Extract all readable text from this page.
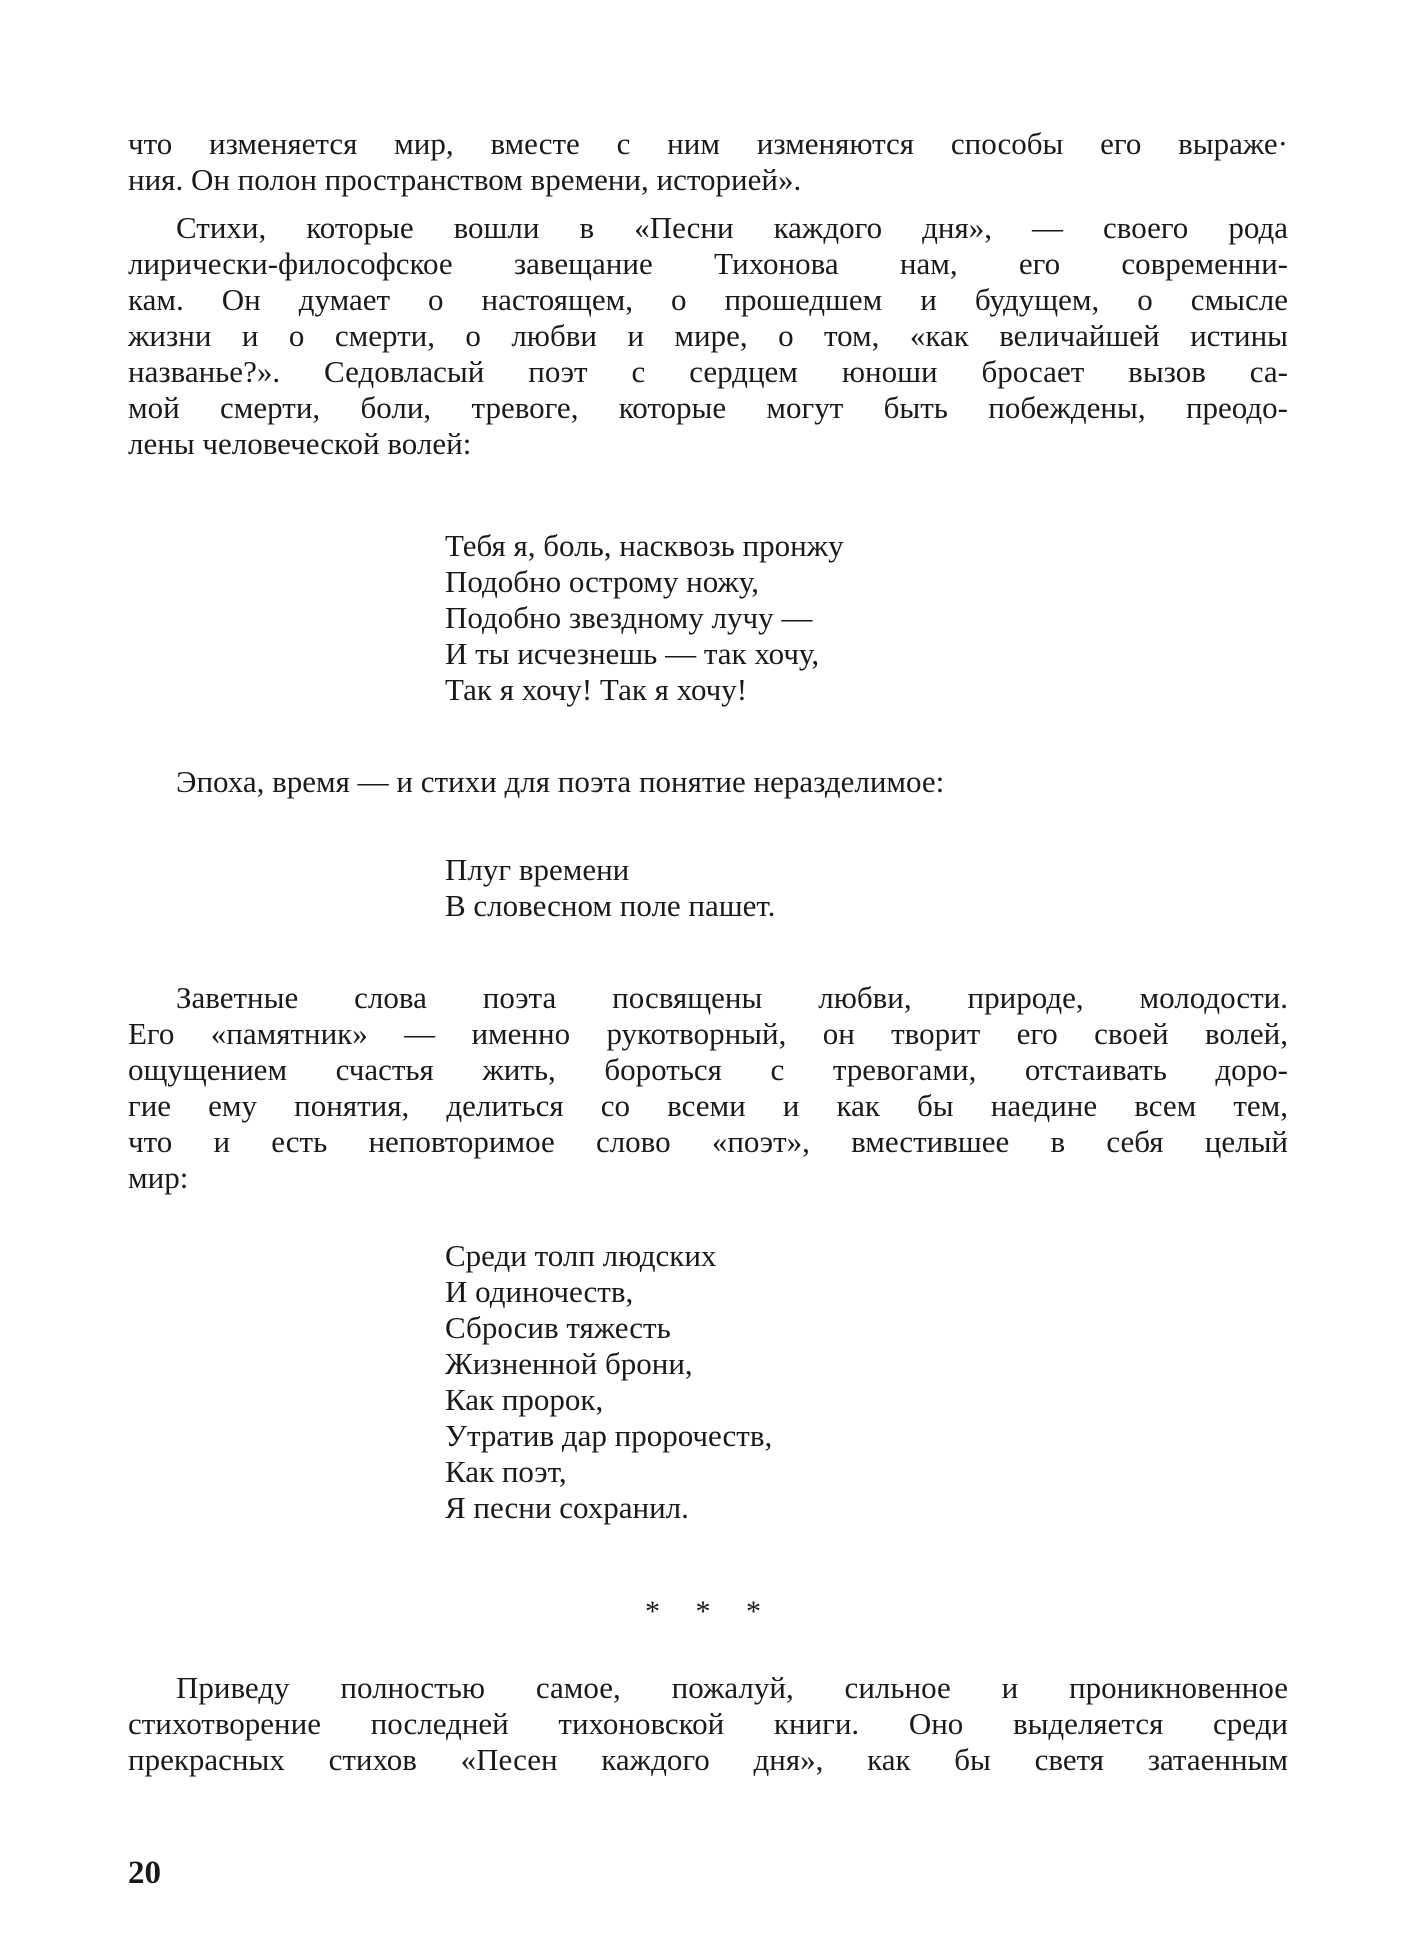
что изменяется мир, вместе с ним изменяются способы его выраже·
ния. Он полон пространством времени, историей».
Стихи, которые вошли в «Песни каждого дня», — своего рода
лирически-философское завещание Тихонова нам, его современни-
кам. Он думает о настоящем, о прошедшем и будущем, о смысле
жизни и о смерти, о любви и мире, о том, «как величайшей истины
названье?». Седовласый поэт с сердцем юноши бросает вызов са-
мой смерти, боли, тревоге, которые могут быть побеждены, преодо-
лены человеческой волей:
Тебя я, боль, насквозь пронжу
Подобно острому ножу,
Подобно звездному лучу —
И ты исчезнешь — так хочу,
Так я хочу! Так я хочу!
Эпоха, время — и стихи для поэта понятие неразделимое:
Плуг времени
В словесном поле пашет.
Заветные слова поэта посвящены любви, природе, молодости.
Его «памятник» — именно рукотворный, он творит его своей волей,
ощущением счастья жить, бороться с тревогами, отстаивать доро-
гие ему понятия, делиться со всеми и как бы наедине всем тем,
что и есть неповторимое слово «поэт», вместившее в себя целый
мир:
Среди толп людских
И одиночеств,
Сбросив тяжесть
Жизненной брони,
Как пророк,
Утратив дар пророчеств,
Как поэт,
Я песни сохранил.
* * *
Приведу полностью самое, пожалуй, сильное и проникновенное
стихотворение последней тихоновской книги. Оно выделяется среди
прекрасных стихов «Песен каждого дня», как бы светя затаенным
20
